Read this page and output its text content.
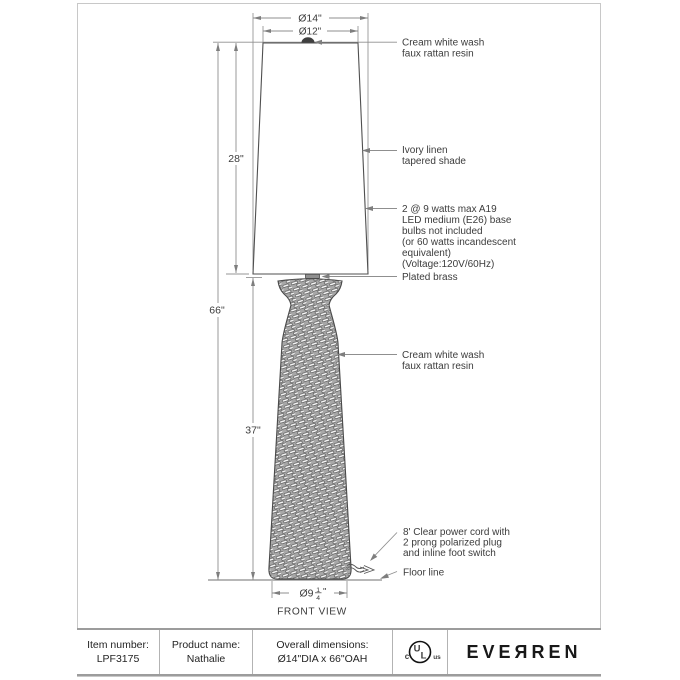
Ø14"
Ø12"
28"
66"
37"
Ø9 1
4
"
Cream white wash
faux rattan resin
Ivory linen
tapered shade
2 @ 9 watts max A19
LED medium (E26) base
bulbs not included
(or 60 watts incandescent
equivalent)
(Voltage:120V/60Hz)
Plated brass
Cream white wash
faux rattan resin
8' Clear power cord with
2 prong polarized plug
and inline foot switch
Floor line
FRONT VIEW
Item number:
LPF3175
Product name:
Nathalie
Overall dimensions:
Ø14"DIA x 66"OAH	c
U
L us EVEЯREN
